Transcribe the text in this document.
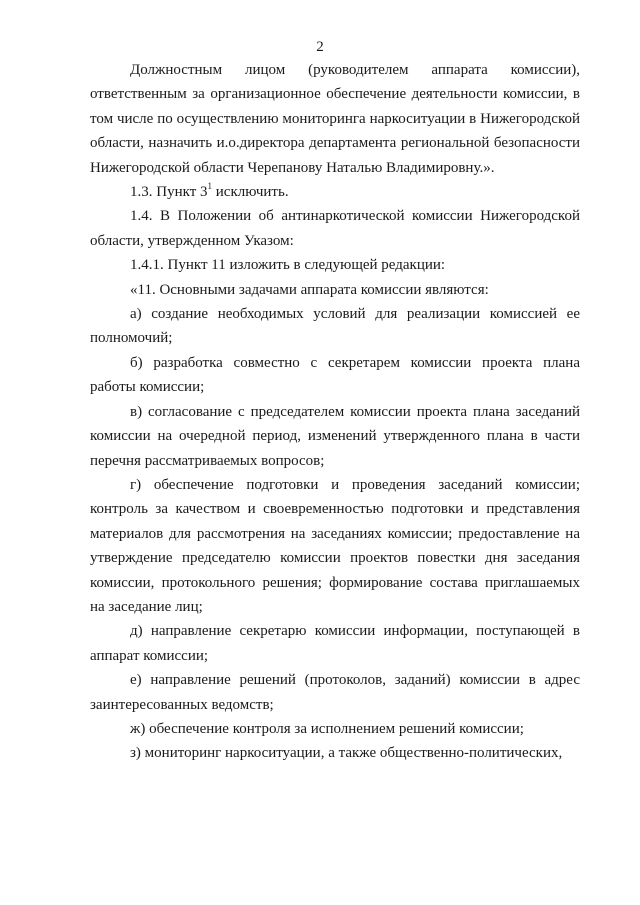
2

Должностным лицом (руководителем аппарата комиссии), ответственным за организационное обеспечение деятельности комиссии, в том числе по осуществлению мониторинга наркоситуации в Нижегородской области, назначить и.о.директора департамента региональной безопасности Нижегородской области Черепанову Наталью Владимировну.».

1.3. Пункт $3^1$ исключить.

1.4. В Положении об антинаркотической комиссии Нижегородской области, утвержденном Указом:

1.4.1. Пункт 11 изложить в следующей редакции:

«11. Основными задачами аппарата комиссии являются:

а) создание необходимых условий для реализации комиссией ее полномочий;

б) разработка совместно с секретарем комиссии проекта плана работы комиссии;

в) согласование с председателем комиссии проекта плана заседаний комиссии на очередной период, изменений утвержденного плана в части перечня рассматриваемых вопросов;

г) обеспечение подготовки и проведения заседаний комиссии; контроль за качеством и своевременностью подготовки и представления материалов для рассмотрения на заседаниях комиссии; предоставление на утверждение председателю комиссии проектов повестки дня заседания комиссии, протокольного решения; формирование состава приглашаемых на заседание лиц;

д) направление секретарю комиссии информации, поступающей в аппарат комиссии;

е) направление решений (протоколов, заданий) комиссии в адрес заинтересованных ведомств;

ж) обеспечение контроля за исполнением решений комиссии;

з) мониторинг наркоситуации, а также общественно-политических,
